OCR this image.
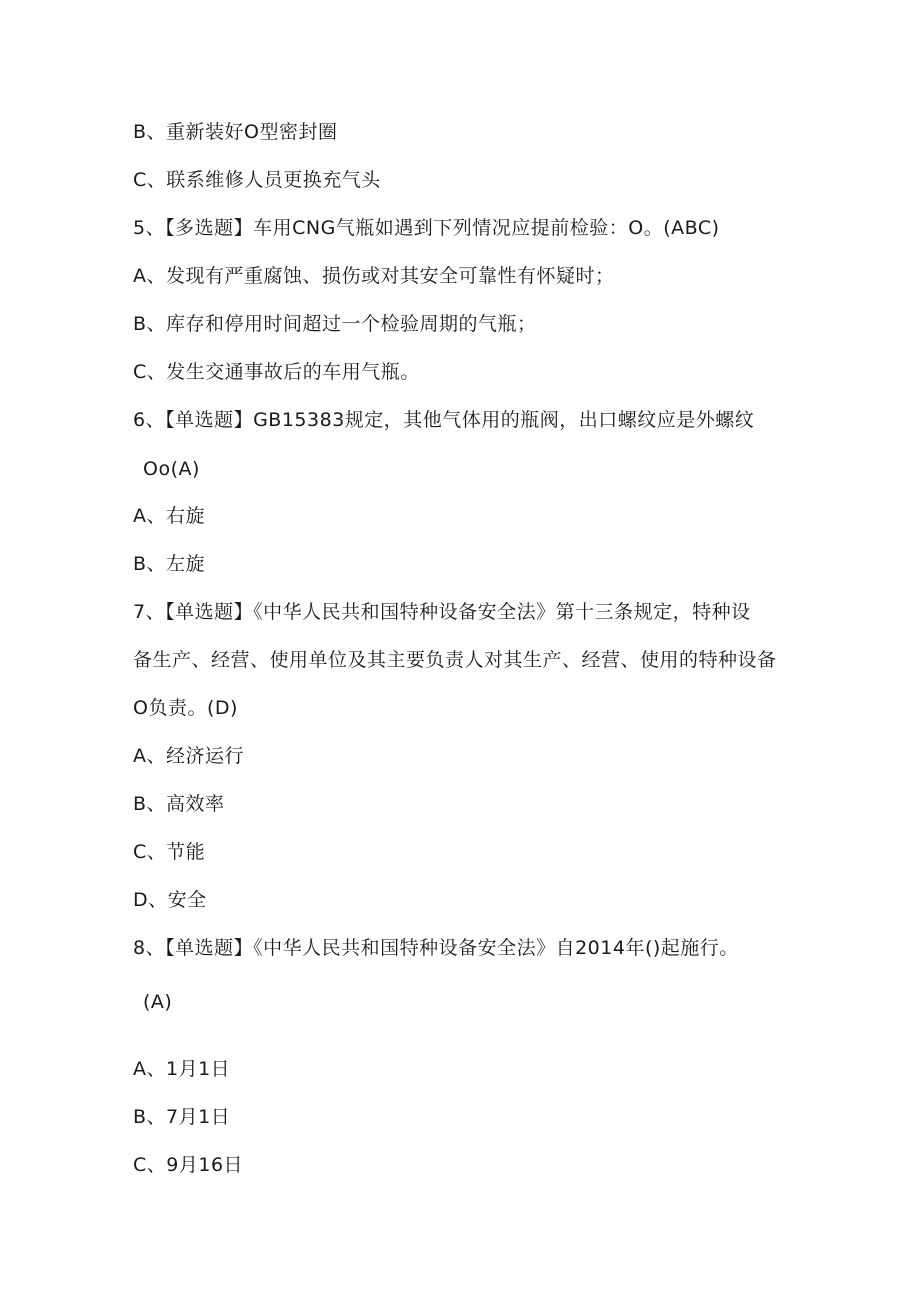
B、重新装好O型密封圈
C、联系维修人员更换充气头
5、【多选题】车用CNG气瓶如遇到下列情况应提前检验：O。(ABC)
A、发现有严重腐蚀、损伤或对其安全可靠性有怀疑时；
B、库存和停用时间超过一个检验周期的气瓶；
C、发生交通事故后的车用气瓶。
6、【单选题】GB15383规定，其他气体用的瓶阀，出口螺纹应是外螺纹
Oo(A)
A、右旋
B、左旋
7、【单选题】《中华人民共和国特种设备安全法》第十三条规定，特种设
备生产、经营、使用单位及其主要负责人对其生产、经营、使用的特种设备
O负责。(D)
A、经济运行
B、高效率
C、节能
D、安全
8、【单选题】《中华人民共和国特种设备安全法》自2014年()起施行。
(A)
A、1月1日
B、7月1日
C、9月16日
